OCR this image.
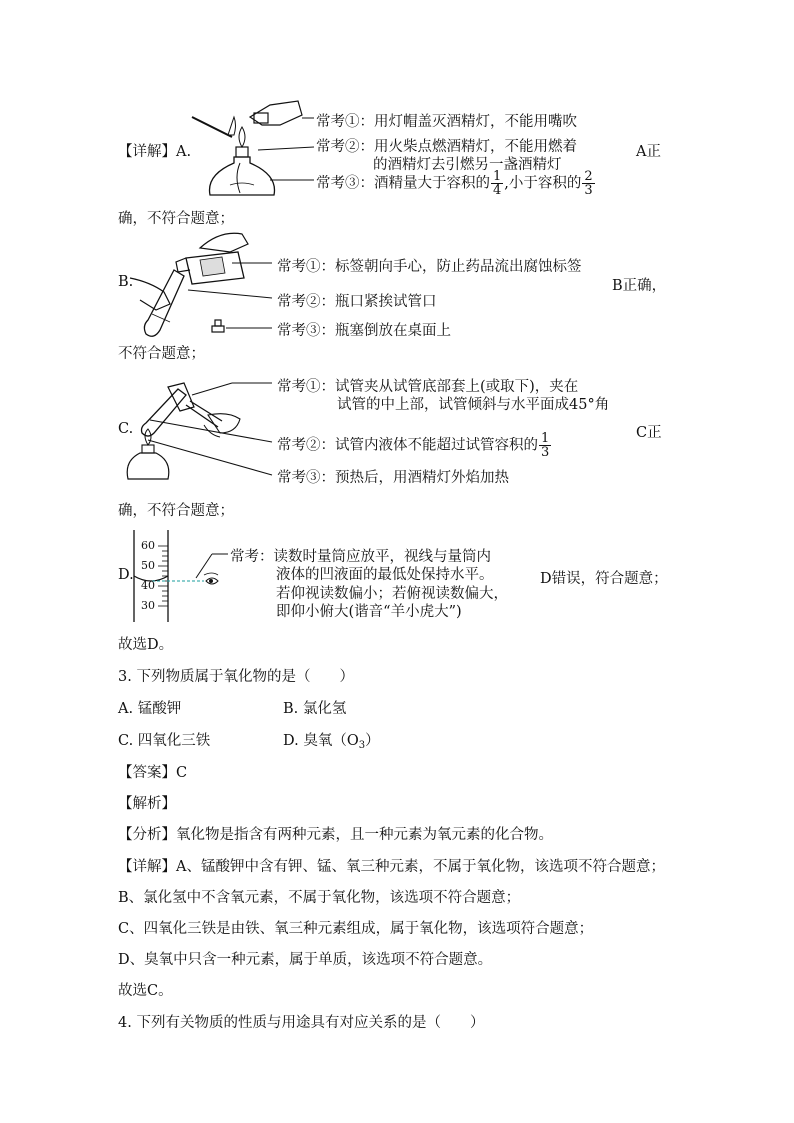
【详解】A.
常考①：用灯帽盖灭酒精灯，不能用嘴吹
常考②：用火柴点燃酒精灯，不能用燃着
的酒精灯去引燃另一盏酒精灯
常考③：酒精量大于容积的 $\frac{1}{4}$ ,小于容积的 $\frac{2}{3}$
A正
确，不符合题意；
B.
常考①：标签朝向手心，防止药品流出腐蚀标签
常考②：瓶口紧挨试管口
常考③：瓶塞倒放在桌面上
B正确，
不符合题意；
C.
常考①：试管夹从试管底部套上(或取下)，夹在
试管的中上部，试管倾斜与水平面成45°角
常考②：试管内液体不能超过试管容积的 $\frac{1}{3}$
常考③：预热后，用酒精灯外焰加热
C正
确，不符合题意；
D.
60
50
40
30
常考：读数时量筒应放平，视线与量筒内
液体的凹液面的最低处保持水平。
若仰视读数偏小；若俯视读数偏大，
即仰小俯大(谐音“羊小虎大”)
D错误，符合题意；
故选D。
3. 下列物质属于氧化物的是（　　）
A. 锰酸钾	B. 氯化氢
C. 四氧化三铁	D. 臭氧$(O_3)$
【答案】C
【解析】
【分析】氧化物是指含有两种元素，且一种元素为氧元素的化合物。
【详解】A、锰酸钾中含有钾、锰、氧三种元素，不属于氧化物，该选项不符合题意；
B、氯化氢中不含氧元素，不属于氧化物，该选项不符合题意；
C、四氧化三铁是由铁、氧三种元素组成，属于氧化物，该选项符合题意；
D、臭氧中只含一种元素，属于单质，该选项不符合题意。
故选C。
4. 下列有关物质的性质与用途具有对应关系的是（　　）
